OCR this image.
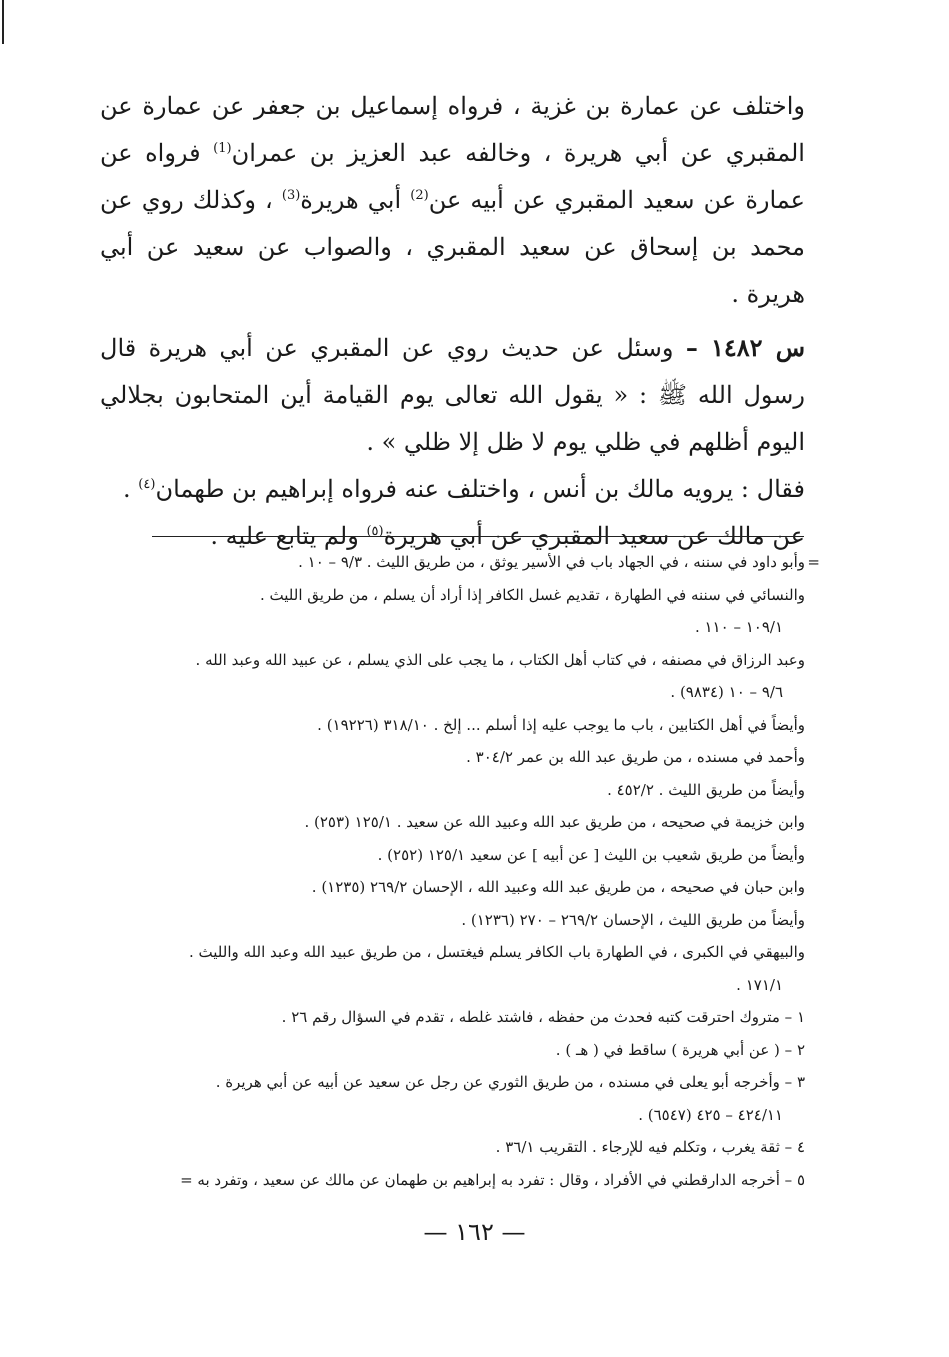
واختلف عن عمارة بن غزية ، فرواه إسماعيل بن جعفر عن عمارة عن المقبري عن أبي هريرة ، وخالفه عبد العزيز بن عمران$^{(1)}$ فرواه عن عمارة عن سعيد المقبري عن أبيه عن$^{(2)}$ أبي هريرة$^{(3)}$ ، وكذلك روي عن محمد بن إسحاق عن سعيد المقبري ، والصواب عن سعيد عن أبي هريرة .

س ١٤٨٢ – وسئل عن حديث روي عن المقبري عن أبي هريرة قال رسول الله ﷺ : « يقول الله تعالى يوم القيامة أين المتحابون بجلالي اليوم أظلهم في ظلي يوم لا ظل إلا ظلي » .

فقال : يرويه مالك بن أنس ، واختلف عنه فرواه إبراهيم بن طهمان$^{(٤)}$ .

عن مالك عن سعيد المقبري عن أبي هريرة$^{(٥)}$ ولم يتابع عليه .

=

وأبو داود في سننه ، في الجهاد باب في الأسير يوثق ، من طريق الليث . ٩/٣ – ١٠ .

والنسائي في سننه في الطهارة ، تقديم غسل الكافر إذا أراد أن يسلم ، من طريق الليث .

١٠٩/١ – ١١٠ .

وعبد الرزاق في مصنفه ، في كتاب أهل الكتاب ، ما يجب على الذي يسلم ، عن عبيد الله وعبد الله .

٩/٦ – ١٠ (٩٨٣٤) .

وأيضاً في أهل الكتابين ، باب ما يوجب عليه إذا أسلم ... إلخ . ٣١٨/١٠ (١٩٢٢٦) .

وأحمد في مسنده ، من طريق عبد الله بن عمر ٣٠٤/٢ .

وأيضاً من طريق الليث . ٤٥٢/٢ .

وابن خزيمة في صحيحه ، من طريق عبد الله وعبيد الله عن سعيد . ١٢٥/١ (٢٥٣) .

وأيضاً من طريق شعيب بن الليث [ عن أبيه ] عن سعيد ١٢٥/١ (٢٥٢) .

وابن حبان في صحيحه ، من طريق عبد الله وعبيد الله ، الإحسان ٢٦٩/٢ (١٢٣٥) .

وأيضاً من طريق الليث ، الإحسان ٢٦٩/٢ – ٢٧٠ (١٢٣٦) .

والبيهقي في الكبرى ، في الطهارة باب الكافر يسلم فيغتسل ، من طريق عبيد الله وعبد الله والليث .

١٧١/١ .

١ – متروك احترقت كتبه فحدث من حفظه ، فاشتد غلطه ، تقدم في السؤال رقم ٢٦ .

٢ – ( عن أبي هريرة ) ساقط في ( هـ ) .

٣ – وأخرجه أبو يعلى في مسنده ، من طريق الثوري عن رجل عن سعيد عن أبيه عن أبي هريرة .

٤٢٤/١١ – ٤٢٥ (٦٥٤٧) .

٤ – ثقة يغرب ، وتكلم فيه للإرجاء . التقريب ٣٦/١ .

٥ – أخرجه الدارقطني في الأفراد ، وقال : تفرد به إبراهيم بن طهمان عن مالك عن سعيد ، وتفرد به =

— ١٦٢ —
